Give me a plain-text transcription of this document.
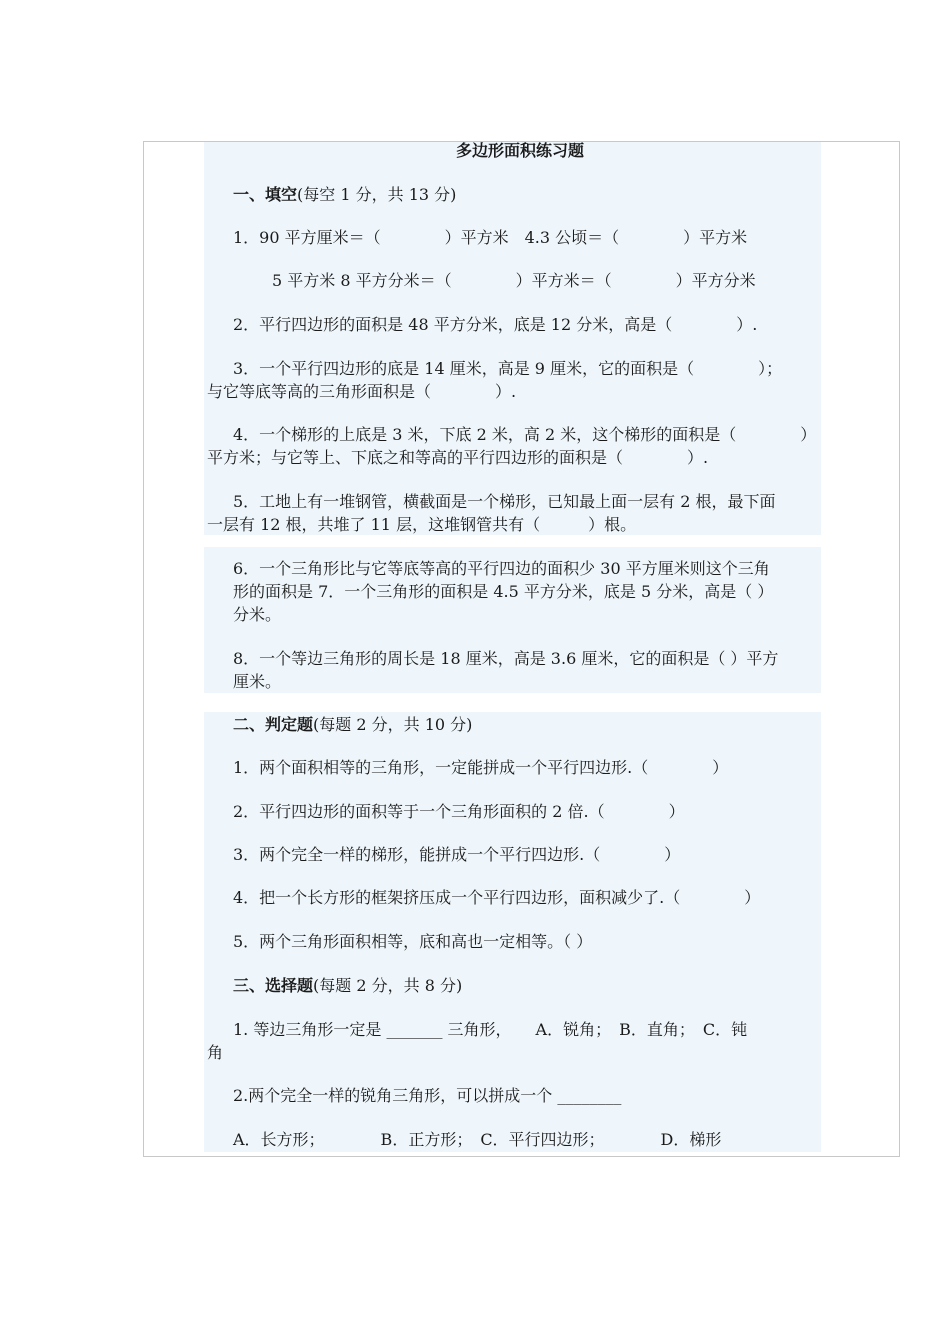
多边形面积练习题
一、填空(每空 1 分，共 13 分)
1．90 平方厘米＝（　　　　）平方米　4.3 公顷＝（　　　　）平方米
5 平方米 8 平方分米＝（　　　　）平方米＝（　　　　）平方分米
2．平行四边形的面积是 48 平方分米，底是 12 分米，高是（　　　　）.
3．一个平行四边形的底是 14 厘米，高是 9 厘米，它的面积是（　　　　）；
与它等底等高的三角形面积是（　　　　）.
4．一个梯形的上底是 3 米，下底 2 米，高 2 米，这个梯形的面积是（　　　　）
平方米；与它等上、下底之和等高的平行四边形的面积是（　　　　）.
5．工地上有一堆钢管，横截面是一个梯形，已知最上面一层有 2 根，最下面
一层有 12 根，共堆了 11 层，这堆钢管共有（　　　）根。
6．一个三角形比与它等底等高的平行四边的面积少 30 平方厘米则这个三角
形的面积是 7．一个三角形的面积是 4.5 平方分米，底是 5 分米，高是（ ）
分米。
8．一个等边三角形的周长是 18 厘米，高是 3.6 厘米，它的面积是（ ）平方
厘米。
二、判定题(每题 2 分，共 10 分)
1．两个面积相等的三角形，一定能拼成一个平行四边形.（　　　　）
2．平行四边形的面积等于一个三角形面积的 2 倍.（　　　　）
3．两个完全一样的梯形，能拼成一个平行四边形.（　　　　）
4．把一个长方形的框架挤压成一个平行四边形，面积减少了.（　　　　）
5．两个三角形面积相等，底和高也一定相等。（ ）
三、选择题(每题 2 分，共 8 分)
1. 等边三角形一定是 _______ 三角形，　　A．锐角；　B．直角；　C．钝
角
2.两个完全一样的锐角三角形，可以拼成一个 ________
A．长方形；　　　　B．正方形；　C．平行四边形；　　　　D．梯形
